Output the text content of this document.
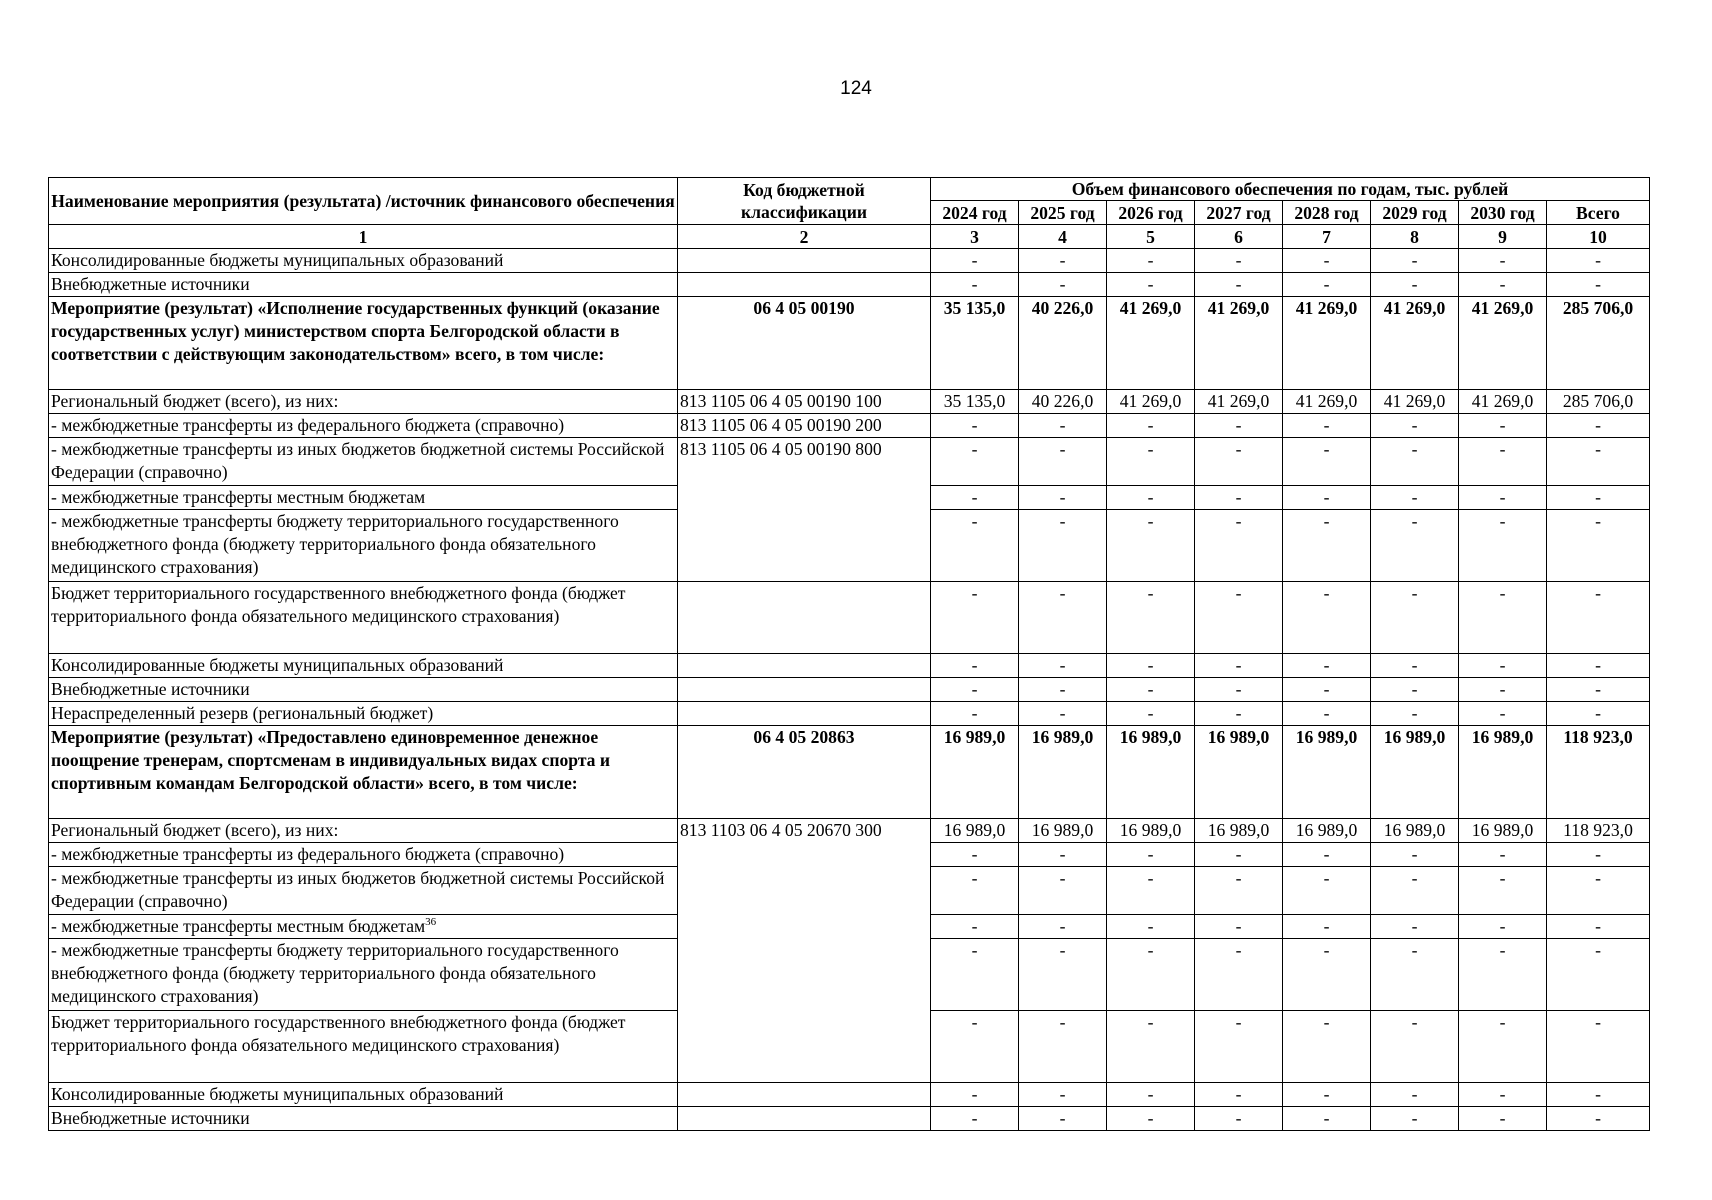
124
Наименование мероприятия (результата) /источник финансового обеспечения	Код бюджетной классификации	Объем финансового обеспечения по годам, тыс. рублей							
		2024 год	2025 год	2026 год	2027 год	2028 год	2029 год	2030 год	Всего
1	2	3	4	5	6	7	8	9	10
Консолидированные бюджеты муниципальных образований		-	-	-	-	-	-	-	-
Внебюджетные источники		-	-	-	-	-	-	-	-
Мероприятие (результат) «Исполнение государственных функций (оказание государственных услуг) министерством спорта Белгородской области в соответствии с действующим законодательством» всего, в том числе:	06 4 05 00190	35 135,0	40 226,0	41 269,0	41 269,0	41 269,0	41 269,0	41 269,0	285 706,0
Региональный бюджет (всего), из них:	813 1105 06 4 05 00190 100	35 135,0	40 226,0	41 269,0	41 269,0	41 269,0	41 269,0	41 269,0	285 706,0
- межбюджетные трансферты из федерального бюджета (справочно)	813 1105 06 4 05 00190 200	-	-	-	-	-	-	-	-
- межбюджетные трансферты из иных бюджетов бюджетной системы Российской Федерации (справочно)	813 1105 06 4 05 00190 800	-	-	-	-	-	-	-	-
- межбюджетные трансферты местным бюджетам		-	-	-	-	-	-	-	-
- межбюджетные трансферты бюджету территориального государственного внебюджетного фонда (бюджету территориального фонда обязательного медицинского страхования)		-	-	-	-	-	-	-	-
Бюджет территориального государственного внебюджетного фонда (бюджет территориального фонда обязательного медицинского страхования)		-	-	-	-	-	-	-	-
Консолидированные бюджеты муниципальных образований		-	-	-	-	-	-	-	-
Внебюджетные источники		-	-	-	-	-	-	-	-
Нераспределенный резерв (региональный бюджет)		-	-	-	-	-	-	-	-
Мероприятие (результат) «Предоставлено единовременное денежное поощрение тренерам, спортсменам в индивидуальных видах спорта и спортивным командам Белгородской области» всего, в том числе:	06 4 05 20863	16 989,0	16 989,0	16 989,0	16 989,0	16 989,0	16 989,0	16 989,0	118 923,0
Региональный бюджет (всего), из них:	813 1103 06 4 05 20670 300	16 989,0	16 989,0	16 989,0	16 989,0	16 989,0	16 989,0	16 989,0	118 923,0
- межбюджетные трансферты из федерального бюджета (справочно)		-	-	-	-	-	-	-	-
- межбюджетные трансферты из иных бюджетов бюджетной системы Российской Федерации (справочно)		-	-	-	-	-	-	-	-
- межбюджетные трансферты местным бюджетам$^{36}$		-	-	-	-	-	-	-	-
- межбюджетные трансферты бюджету территориального государственного внебюджетного фонда (бюджету территориального фонда обязательного медицинского страхования)		-	-	-	-	-	-	-	-
Бюджет территориального государственного внебюджетного фонда (бюджет территориального фонда обязательного медицинского страхования)		-	-	-	-	-	-	-	-
Консолидированные бюджеты муниципальных образований		-	-	-	-	-	-	-	-
Внебюджетные источники		-	-	-	-	-	-	-	-
